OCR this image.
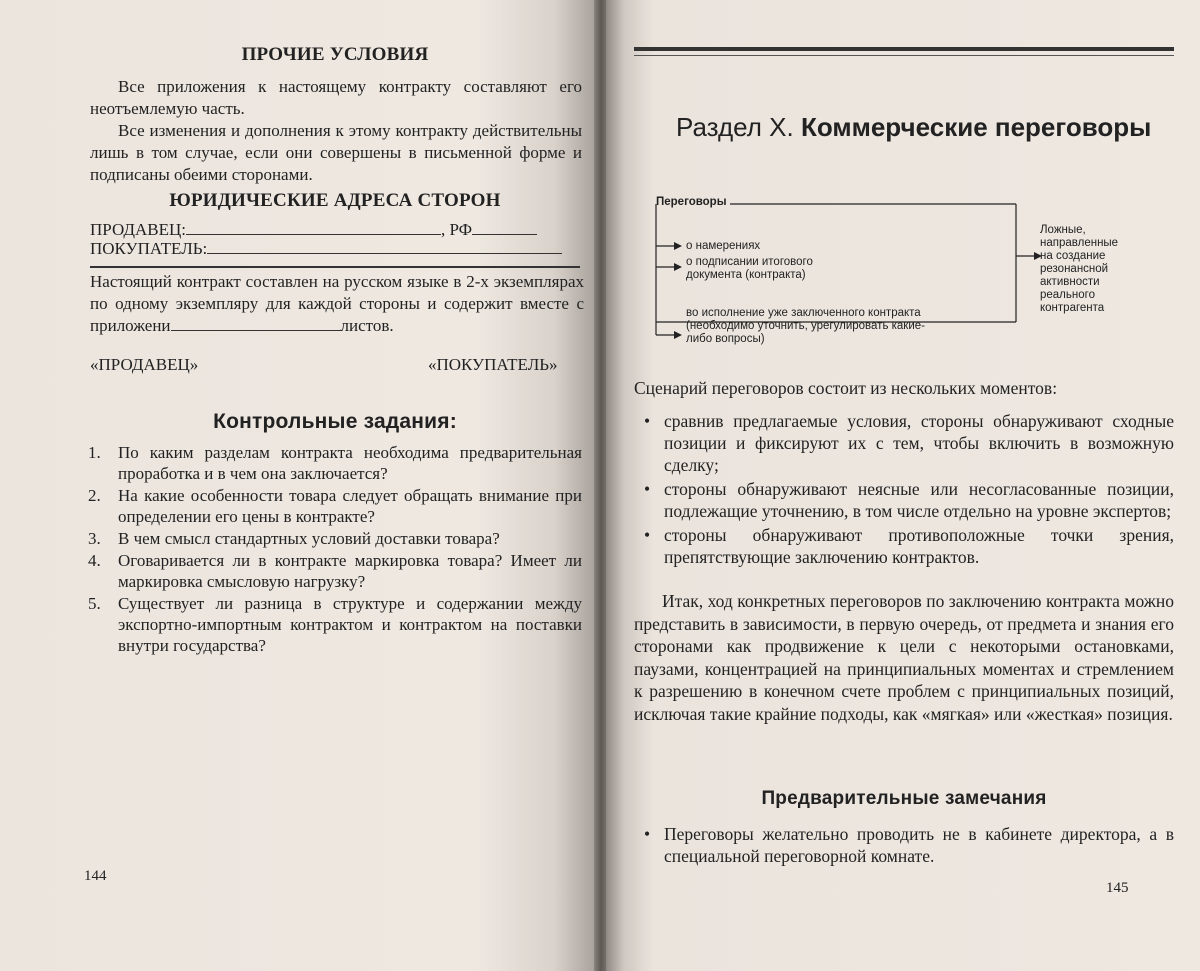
ПРОЧИЕ УСЛОВИЯ
Все приложения к настоящему контракту составляют его неотъемлемую часть.
Все изменения и дополнения к этому контракту действительны лишь в том случае, если они совершены в письменной форме и подписаны обеими сторонами.
ЮРИДИЧЕСКИЕ АДРЕСА СТОРОН
ПРОДАВЕЦ:	, РФ
ПОКУПАТЕЛЬ:
Настоящий контракт составлен на русском языке в 2-х экземплярах по одному экземпляру для каждой стороны и содержит вместе с приложени	листов.
«ПРОДАВЕЦ»	«ПОКУПАТЕЛЬ»
Контрольные задания:
1. По каким разделам контракта необходима предварительная проработка и в чем она заключается?
2. На какие особенности товара следует обращать внимание при определении его цены в контракте?
3. В чем смысл стандартных условий доставки товара?
4. Оговаривается ли в контракте маркировка товара? Имеет ли маркировка смысловую нагрузку?
5. Существует ли разница в структуре и содержании между экспортно-импортным контрактом и контрактом на поставки внутри государства?
144
Раздел X. Коммерческие переговоры
Переговоры
о намерениях
о подписании итогового документа (контракта)
во исполнение уже заключенного контракта (необходимо уточнить, урегулировать какие-либо вопросы)
Ложные, направленные на создание резонансной активности реального контрагента
Сценарий переговоров состоит из нескольких моментов:
• сравнив предлагаемые условия, стороны обнаруживают сходные позиции и фиксируют их с тем, чтобы включить в возможную сделку;
• стороны обнаруживают неясные или несогласованные позиции, подлежащие уточнению, в том числе отдельно на уровне экспертов;
• стороны обнаруживают противоположные точки зрения, препятствующие заключению контрактов.
Итак, ход конкретных переговоров по заключению контракта можно представить в зависимости, в первую очередь, от предмета и знания его сторонами как продвижение к цели с некоторыми остановками, паузами, концентрацией на принципиальных моментах и стремлением к разрешению в конечном счете проблем с принципиальных позиций, исключая такие крайние подходы, как «мягкая» или «жесткая» позиция.
Предварительные замечания
• Переговоры желательно проводить не в кабинете директора, а в специальной переговорной комнате.
145
